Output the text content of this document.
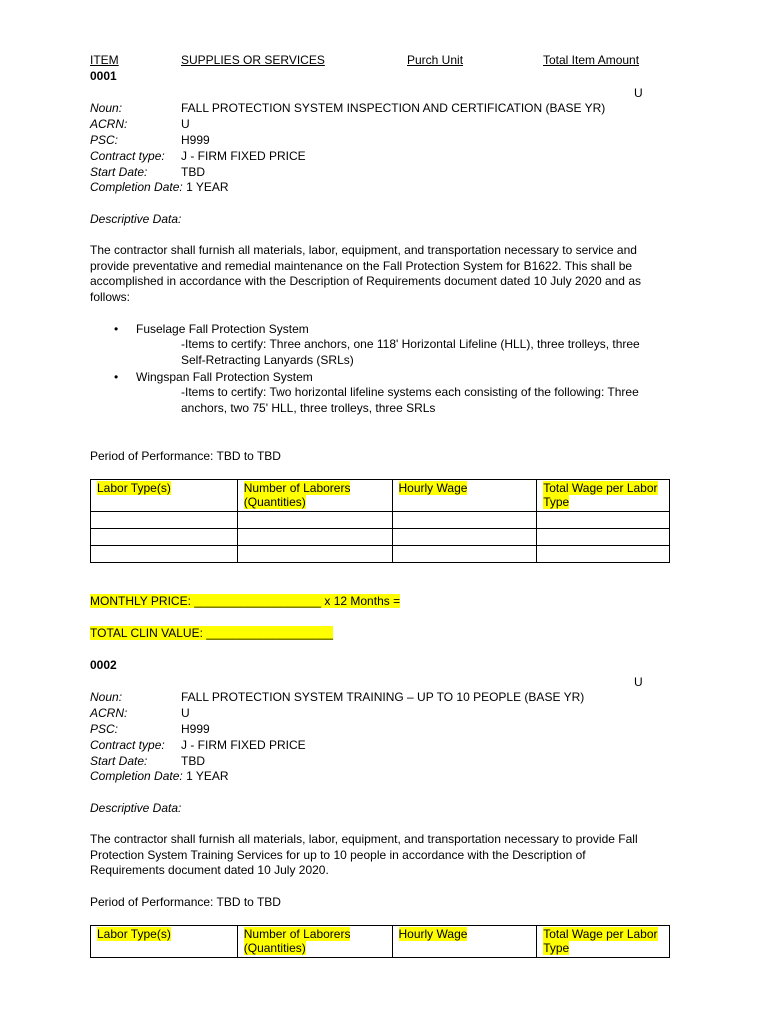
ITEM	SUPPLIES OR SERVICES	Purch Unit	Total Item Amount
0001
U
Noun:	FALL PROTECTION SYSTEM INSPECTION AND CERTIFICATION (BASE YR)
ACRN:	U
PSC:	H999
Contract type: J - FIRM FIXED PRICE
Start Date:	TBD
Completion Date: 1 YEAR
Descriptive Data:
The contractor shall furnish all materials, labor, equipment, and transportation necessary to service and provide preventative and remedial maintenance on the Fall Protection System for B1622. This shall be accomplished in accordance with the Description of Requirements document dated 10 July 2020 and as follows:
• Fuselage Fall Protection System
-Items to certify: Three anchors, one 118' Horizontal Lifeline (HLL), three trolleys, three Self-Retracting Lanyards (SRLs)
• Wingspan Fall Protection System
-Items to certify: Two horizontal lifeline systems each consisting of the following: Three anchors, two 75' HLL, three trolleys, three SRLs
Period of Performance: TBD to TBD
Labor Type(s)	Number of Laborers (Quantities)	Hourly Wage	Total Wage per Labor Type

MONTHLY PRICE: ___________________ x 12 Months =
TOTAL CLIN VALUE: ___________________
0002
U
Noun:	FALL PROTECTION SYSTEM TRAINING – UP TO 10 PEOPLE (BASE YR)
ACRN:	U
PSC:	H999
Contract type: J - FIRM FIXED PRICE
Start Date:	TBD
Completion Date: 1 YEAR
Descriptive Data:
The contractor shall furnish all materials, labor, equipment, and transportation necessary to provide Fall Protection System Training Services for up to 10 people in accordance with the Description of Requirements document dated 10 July 2020.
Period of Performance: TBD to TBD
Labor Type(s)	Number of Laborers (Quantities)	Hourly Wage	Total Wage per Labor Type
